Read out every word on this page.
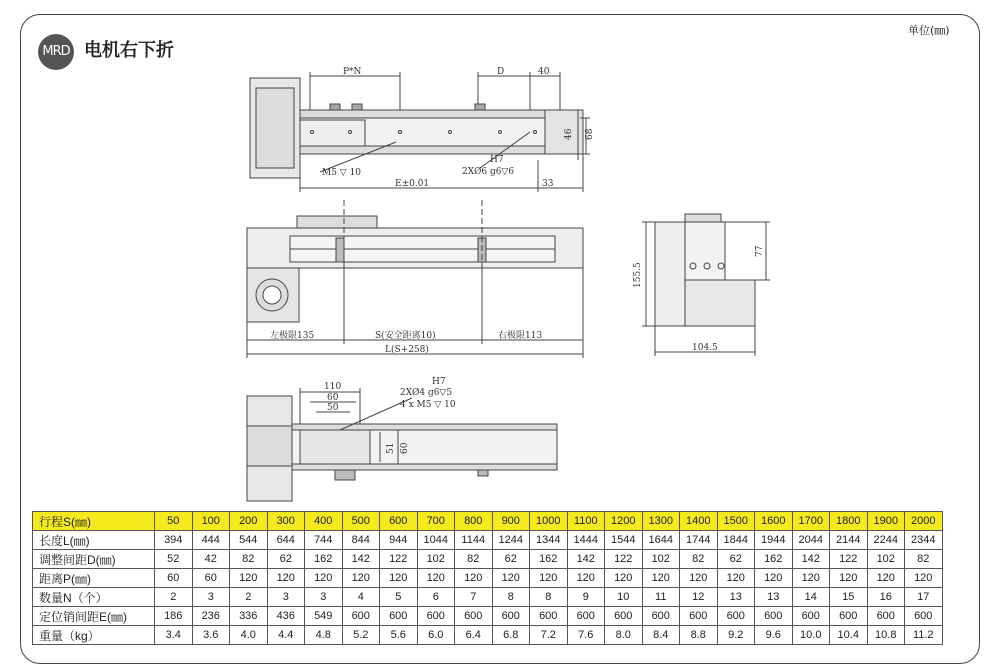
MRD 电机右下折
单位(㎜)
P*N	D	40
46 68
M5 ▽ 10
H7
2XØ6 g6▽6
E±0.01	33
左极限135	S(安全距离10)	右极限113
L(S+258)
155.5
77
104.5
110
60
50
H7
2XØ4 g6▽5
4 x M5 ▽ 10
51 60
行程S(㎜)	50	100	200	300	400	500	600	700	800	900	1000	1100	1200	1300	1400	1500	1600	1700	1800	1900	2000
长度L(㎜)	394	444	544	644	744	844	944	1044	1144	1244	1344	1444	1544	1644	1744	1844	1944	2044	2144	2244	2344
调整间距D(㎜)	52	42	82	62	162	142	122	102	82	62	162	142	122	102	82	62	162	142	122	102	82
距离P(㎜)	60	60	120	120	120	120	120	120	120	120	120	120	120	120	120	120	120	120	120	120	120
数量N（个）	2	3	2	3	3	4	5	6	7	8	8	9	10	11	12	13	13	14	15	16	17
定位销间距E(㎜)	186	236	336	436	549	600	600	600	600	600	600	600	600	600	600	600	600	600	600	600	600
重量（kg）	3.4	3.6	4.0	4.4	4.8	5.2	5.6	6.0	6.4	6.8	7.2	7.6	8.0	8.4	8.8	9.2	9.6	10.0	10.4	10.8	11.2
